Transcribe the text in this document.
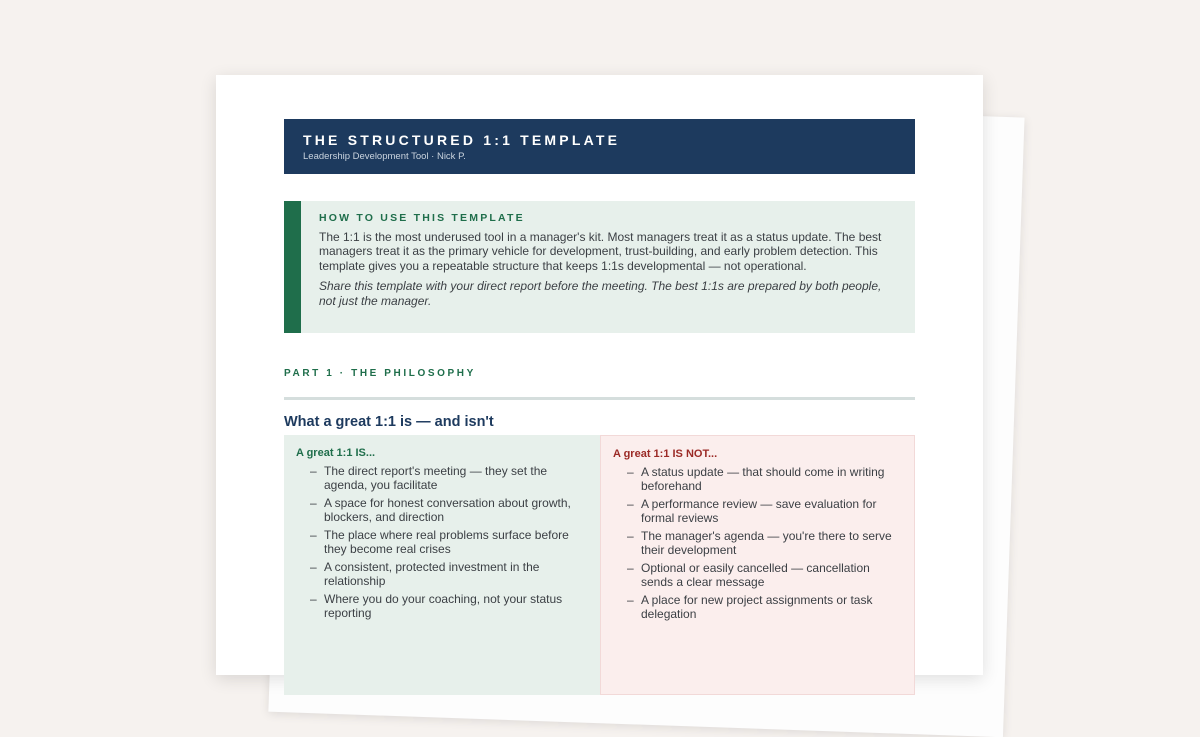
THE STRUCTURED 1:1 TEMPLATE
Leadership Development Tool · Nick P.
HOW TO USE THIS TEMPLATE
The 1:1 is the most underused tool in a manager's kit. Most managers treat it as a status update. The best managers treat it as the primary vehicle for development, trust-building, and early problem detection. This template gives you a repeatable structure that keeps 1:1s developmental — not operational.
Share this template with your direct report before the meeting. The best 1:1s are prepared by both people, not just the manager.
PART 1 · THE PHILOSOPHY
What a great 1:1 is — and isn't
A great 1:1 IS...
– The direct report's meeting — they set the agenda, you facilitate
– A space for honest conversation about growth, blockers, and direction
– The place where real problems surface before they become real crises
– A consistent, protected investment in the relationship
– Where you do your coaching, not your status reporting
A great 1:1 IS NOT...
– A status update — that should come in writing beforehand
– A performance review — save evaluation for formal reviews
– The manager's agenda — you're there to serve their development
– Optional or easily cancelled — cancellation sends a clear message
– A place for new project assignments or task delegation
